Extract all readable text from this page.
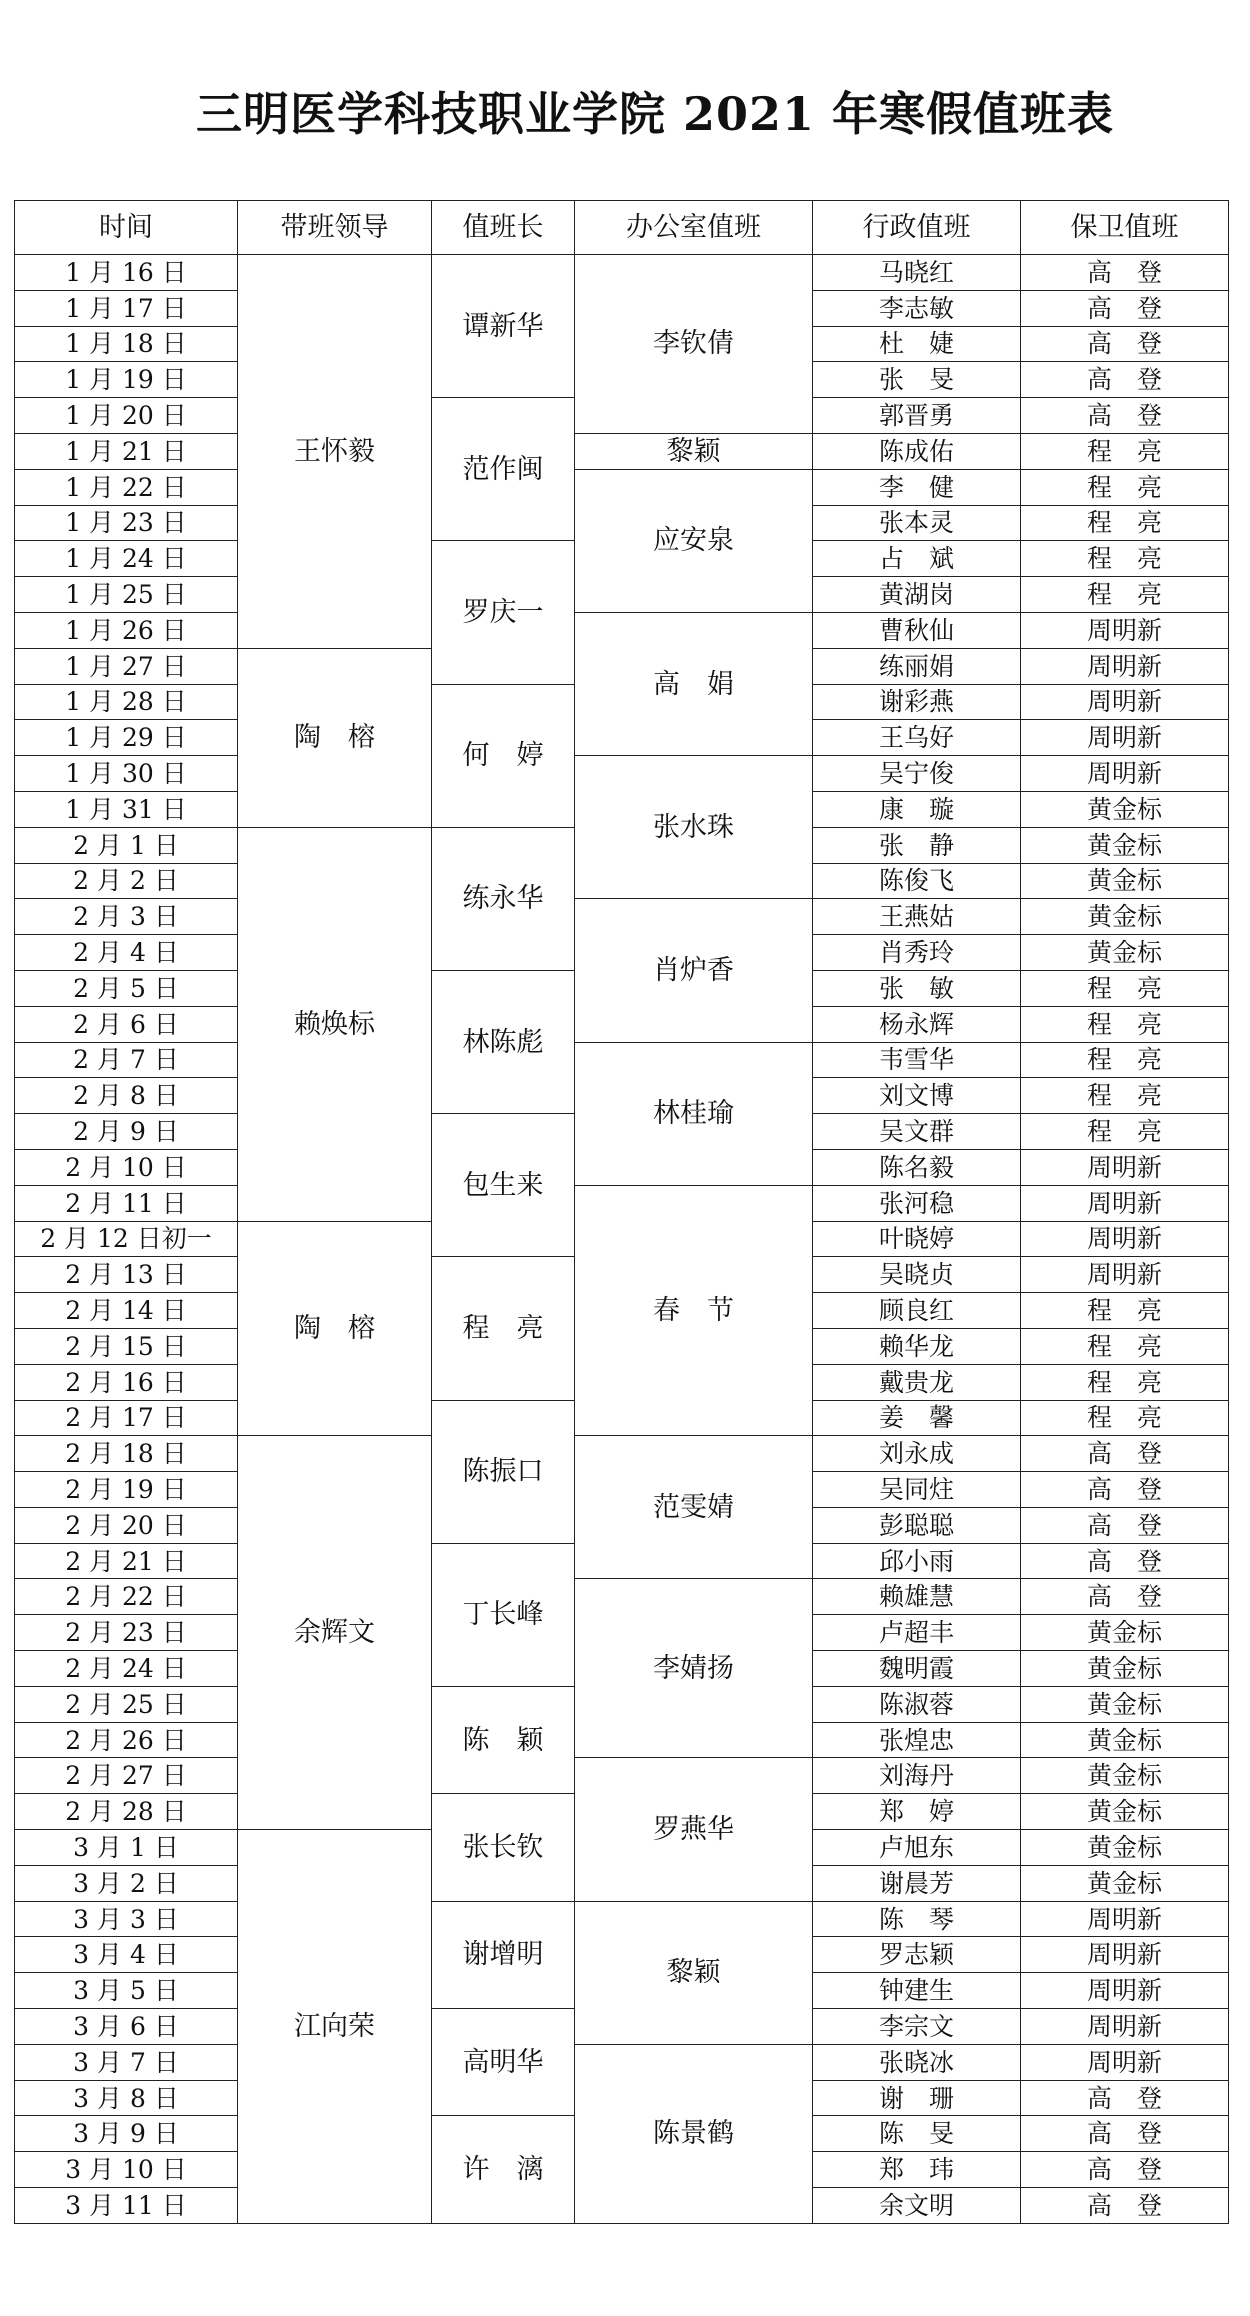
三明医学科技职业学院 2021 年寒假值班表
时间	带班领导	值班长	办公室值班	行政值班	保卫值班
1 月 16 日	王怀毅	谭新华	李钦倩	马晓红	高　登
1 月 17 日				李志敏	高　登
1 月 18 日				杜　婕	高　登
1 月 19 日				张　旻	高　登
1 月 20 日		范作闽		郭晋勇	高　登
1 月 21 日			黎颖	陈成佑	程　亮
1 月 22 日			应安泉	李　健	程　亮
1 月 23 日				张本灵	程　亮
1 月 24 日		罗庆一		占　斌	程　亮
1 月 25 日				黄湖岗	程　亮
1 月 26 日			高　娟	曹秋仙	周明新
1 月 27 日	陶　榕			练丽娟	周明新
1 月 28 日		何　婷		谢彩燕	周明新
1 月 29 日				王乌好	周明新
1 月 30 日			张水珠	吴宁俊	周明新
1 月 31 日				康　璇	黄金标
2 月 1 日	赖焕标	练永华		张　静	黄金标
2 月 2 日				陈俊飞	黄金标
2 月 3 日			肖炉香	王燕姑	黄金标
2 月 4 日				肖秀玲	黄金标
2 月 5 日		林陈彪		张　敏	程　亮
2 月 6 日				杨永辉	程　亮
2 月 7 日			林桂瑜	韦雪华	程　亮
2 月 8 日				刘文博	程　亮
2 月 9 日		包生来		吴文群	程　亮
2 月 10 日				陈名毅	周明新
2 月 11 日			春　节	张河稳	周明新
2 月 12 日初一	陶　榕			叶晓婷	周明新
2 月 13 日		程　亮		吴晓贞	周明新
2 月 14 日				顾良红	程　亮
2 月 15 日				赖华龙	程　亮
2 月 16 日				戴贵龙	程　亮
2 月 17 日		陈振口		姜　馨	程　亮
2 月 18 日	余辉文		范雯婧	刘永成	高　登
2 月 19 日				吴同炷	高　登
2 月 20 日				彭聪聪	高　登
2 月 21 日		丁长峰		邱小雨	高　登
2 月 22 日			李婧扬	赖雄慧	高　登
2 月 23 日				卢超丰	黄金标
2 月 24 日				魏明霞	黄金标
2 月 25 日		陈　颖		陈淑蓉	黄金标
2 月 26 日				张煌忠	黄金标
2 月 27 日			罗燕华	刘海丹	黄金标
2 月 28 日		张长钦		郑　婷	黄金标
3 月 1 日	江向荣			卢旭东	黄金标
3 月 2 日				谢晨芳	黄金标
3 月 3 日		谢增明	黎颖	陈　琴	周明新
3 月 4 日				罗志颖	周明新
3 月 5 日				钟建生	周明新
3 月 6 日		高明华		李宗文	周明新
3 月 7 日			陈景鹤	张晓冰	周明新
3 月 8 日				谢　珊	高　登
3 月 9 日		许　漓		陈　旻	高　登
3 月 10 日				郑　玮	高　登
3 月 11 日				余文明	高　登
